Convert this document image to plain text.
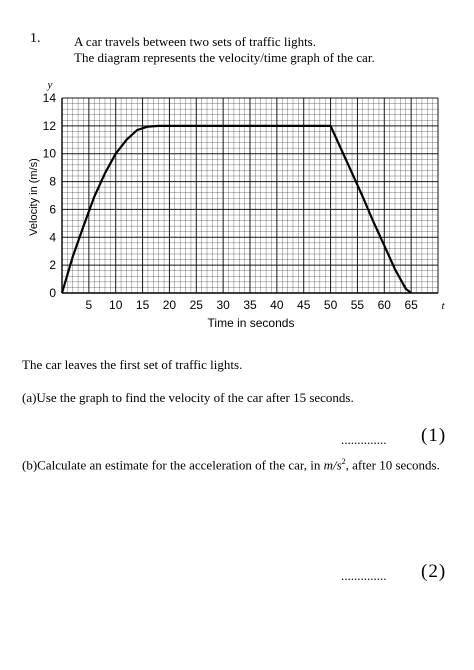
1.	A car travels between two sets of traffic lights.
The diagram represents the velocity/time graph of the car.
0
2
4
6
8
10
12
14
5 10 15 20 25 30 35 40 45 50 55 60 65
Velocity in (m/s)
Time in seconds
y
t
The car leaves the first set of traffic lights.
(a)Use the graph to find the velocity of the car after 15 seconds.
.............. (1)
(b)Calculate an estimate for the acceleration of the car, in $m/s^2$, after 10 seconds.
.............. (2)
